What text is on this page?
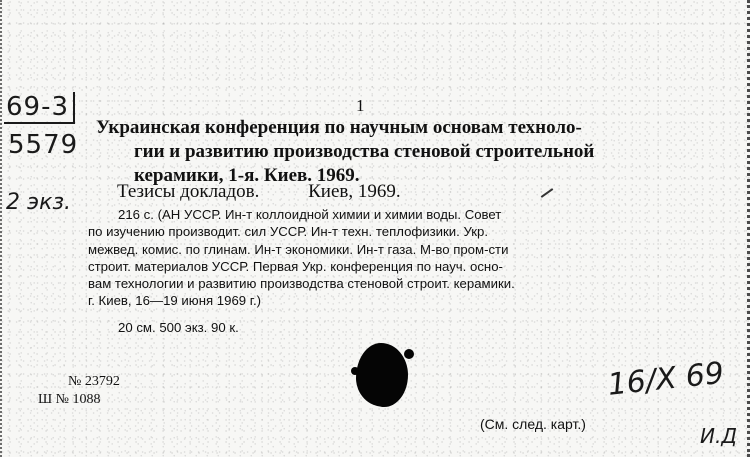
69-3
5579
2 экз.
1
Украинская конференция по научным основам техноло-
гии и развитию производства стеновой строительной
керамики, 1-я. Киев. 1969.
Тезисы докладов.	Киев, 1969.
216 с. (АН УССР. Ин-т коллоидной химии и химии воды. Совет
по изучению производит. сил УССР. Ин-т техн. теплофизики. Укр.
межвед. комис. по глинам. Ин-т экономики. Ин-т газа. М-во пром-сти
строит. материалов УССР. Первая Укр. конференция по науч. осно-
вам технологии и развитию производства стеновой строит. керамики.
г. Киев, 16—19 июня 1969 г.)
20 см. 500 экз. 90 к.
№ 23792
Ш № 1088	16/X 69
(См. след. карт.)	И.Д
